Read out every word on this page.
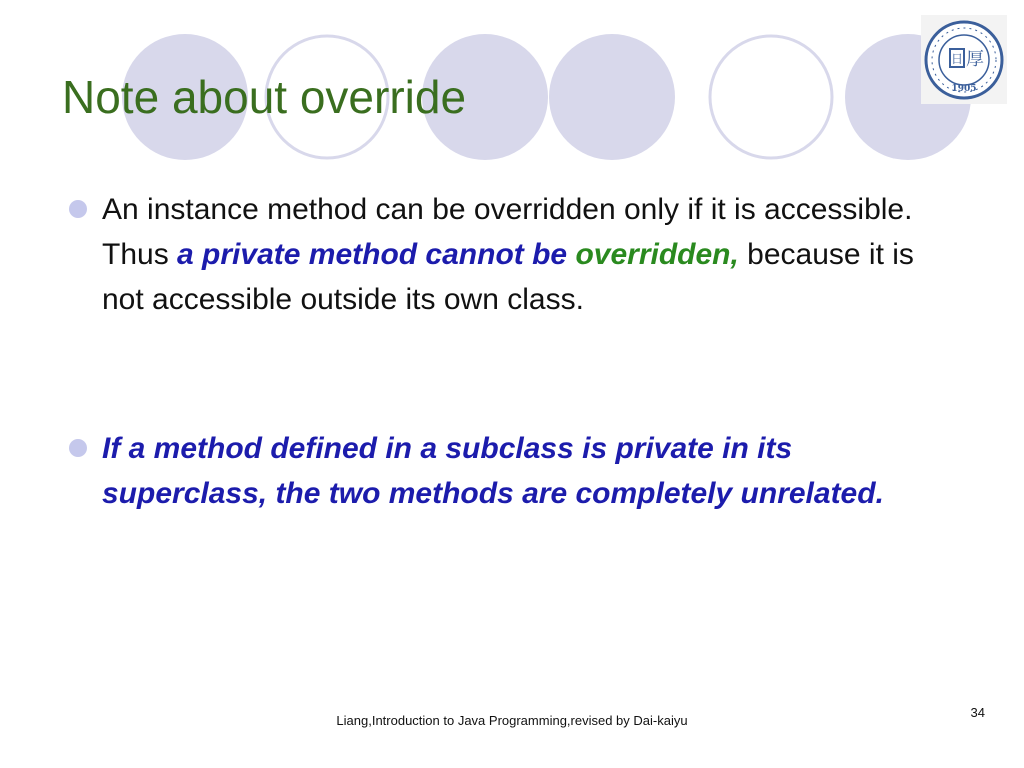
日 厚
1905
Note about override
An instance method can be overridden only if it is accessible. Thus a private method cannot be overridden, because it is not accessible outside its own class.
If a method defined in a subclass is private in its superclass, the two methods are completely unrelated.
Liang,Introduction to Java Programming,revised by Dai-kaiyu
34
